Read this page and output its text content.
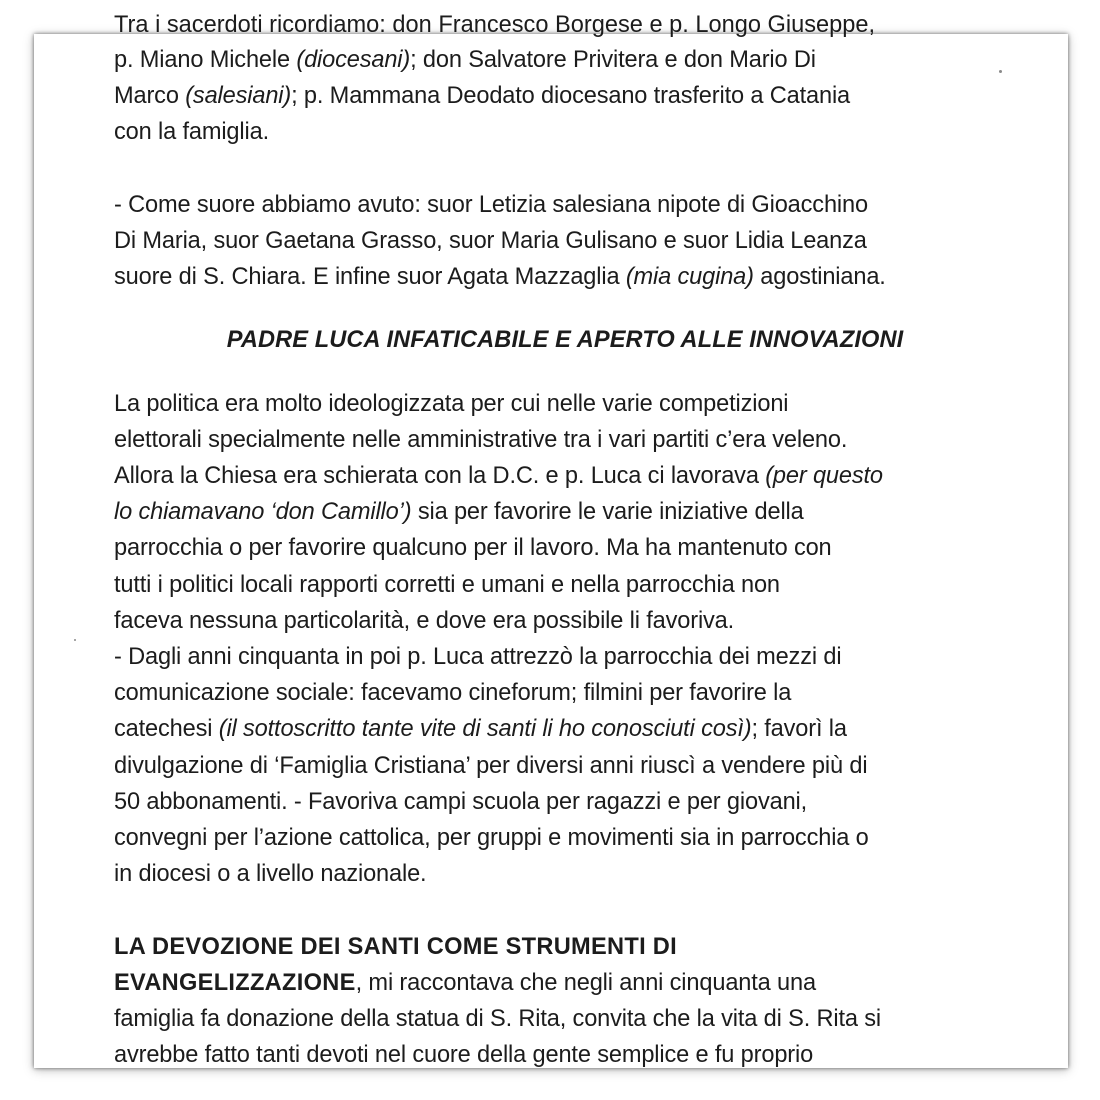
Tra i sacerdoti ricordiamo: don Francesco Borgese e p. Longo Giuseppe,

p. Miano Michele (diocesani); don Salvatore Privitera e don Mario Di

Marco (salesiani); p. Mammana Deodato diocesano trasferito a Catania

con la famiglia.

- Come suore abbiamo avuto: suor Letizia salesiana nipote di Gioacchino

Di Maria, suor Gaetana Grasso, suor Maria Gulisano e suor Lidia Leanza

suore di S. Chiara. E infine suor Agata Mazzaglia (mia cugina) agostiniana.

PADRE LUCA INFATICABILE E APERTO ALLE INNOVAZIONI

La politica era molto ideologizzata per cui nelle varie competizioni

elettorali specialmente nelle amministrative tra i vari partiti c’era veleno.

Allora la Chiesa era schierata con la D.C. e p. Luca ci lavorava (per questo

lo chiamavano ‘don Camillo’) sia per favorire le varie iniziative della

parrocchia o per favorire qualcuno per il lavoro. Ma ha mantenuto con

tutti i politici locali rapporti corretti e umani e nella parrocchia non

faceva nessuna particolarità, e dove era possibile li favoriva.

- Dagli anni cinquanta in poi p. Luca attrezzò la parrocchia dei mezzi di

comunicazione sociale: facevamo cineforum; filmini per favorire la

catechesi (il sottoscritto tante vite di santi li ho conosciuti così); favorì la

divulgazione di ‘Famiglia Cristiana’ per diversi anni riuscì a vendere più di

50 abbonamenti. - Favoriva campi scuola per ragazzi e per giovani,

convegni per l’azione cattolica, per gruppi e movimenti sia in parrocchia o

in diocesi o a livello nazionale.

LA DEVOZIONE DEI SANTI COME STRUMENTI DI

EVANGELIZZAZIONE, mi raccontava che negli anni cinquanta una

famiglia fa donazione della statua di S. Rita, convita che la vita di S. Rita si

avrebbe fatto tanti devoti nel cuore della gente semplice e fu proprio
